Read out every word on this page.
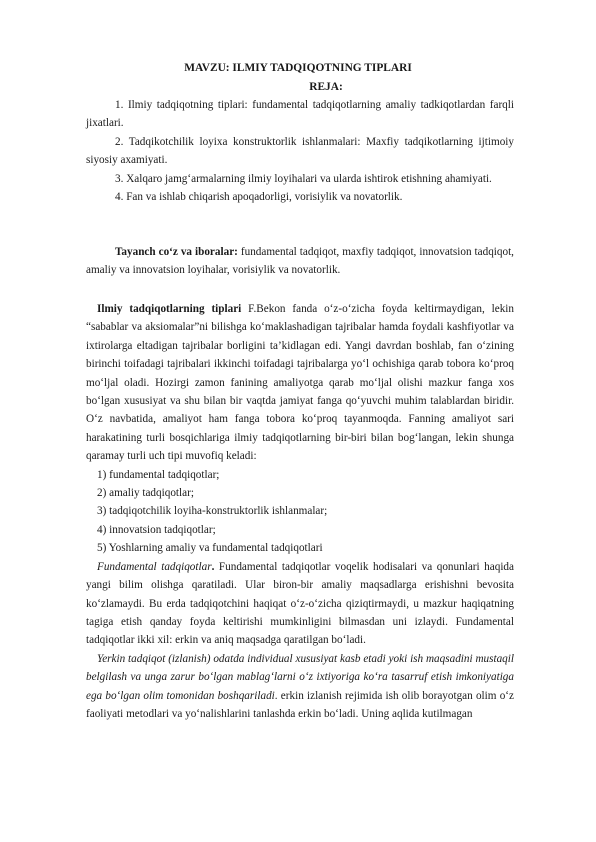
MAVZU: ILMIY TADQIQOTNING TIPLARI
REJA:

1. Ilmiy tadqiqotning tiplari: fundamental tadqiqotlarning amaliy tadkiqotlardan farqli jixatlari.

2. Tadqikotchilik loyixa konstruktorlik ishlanmalari: Maxfiy tadqikotlarning ijtimoiy siyosiy axamiyati.

3. Xalqaro jamg‘armalarning ilmiy loyihalari va ularda ishtirok etishning ahamiyati.

4. Fan va ishlab chiqarish apoqadorligi, vorisiylik va novatorlik.

Tayanch co‘z va iboralar: fundamental tadqiqot, maxfiy tadqiqot, innovatsion tadqiqot, amaliy va innovatsion loyihalar, vorisiylik va novatorlik.

Ilmiy tadqiqotlarning tiplari F.Bekon fanda o‘z-o‘zicha foyda keltirmaydigan, lekin “sabablar va aksiomalar”ni bilishga ko‘maklashadigan tajribalar hamda foydali kashfiyotlar va ixtirolarga eltadigan tajribalar borligini ta’kidlagan edi. Yangi davrdan boshlab, fan o‘zining birinchi toifadagi tajribalari ikkinchi toifadagi tajribalarga yo‘l ochishiga qarab tobora ko‘proq mo‘ljal oladi. Hozirgi zamon fanining amaliyotga qarab mo‘ljal olishi mazkur fanga xos bo‘lgan xususiyat va shu bilan bir vaqtda jamiyat fanga qo‘yuvchi muhim talablardan biridir. O‘z navbatida, amaliyot ham fanga tobora ko‘proq tayanmoqda. Fanning amaliyot sari harakatining turli bosqichlariga ilmiy tadqiqotlarning bir-biri bilan bog‘langan, lekin shunga qaramay turli uch tipi muvofiq keladi:

1) fundamental tadqiqotlar;

2) amaliy tadqiqotlar;

3) tadqiqotchilik loyiha-konstruktorlik ishlanmalar;

4) innovatsion tadqiqotlar;

5) Yoshlarning amaliy va fundamental tadqiqotlari

Fundamental tadqiqotlar. Fundamental tadqiqotlar voqelik hodisalari va qonunlari haqida yangi bilim olishga qaratiladi. Ular biron-bir amaliy maqsadlarga erishishni bevosita ko‘zlamaydi. Bu erda tadqiqotchini haqiqat o‘z-o‘zicha qiziqtirmaydi, u mazkur haqiqatning tagiga etish qanday foyda keltirishi mumkinligini bilmasdan uni izlaydi. Fundamental tadqiqotlar ikki xil: erkin va aniq maqsadga qaratilgan bo‘ladi.

Yerkin tadqiqot (izlanish) odatda individual xususiyat kasb etadi yoki ish maqsadini mustaqil belgilash va unga zarur bo‘lgan mablag‘larni o‘z ixtiyoriga ko‘ra tasarruf etish imkoniyatiga ega bo‘lgan olim tomonidan boshqariladi. erkin izlanish rejimida ish olib borayotgan olim o‘z faoliyati metodlari va yo‘nalishlarini tanlashda erkin bo‘ladi. Uning aqlida kutilmagan
